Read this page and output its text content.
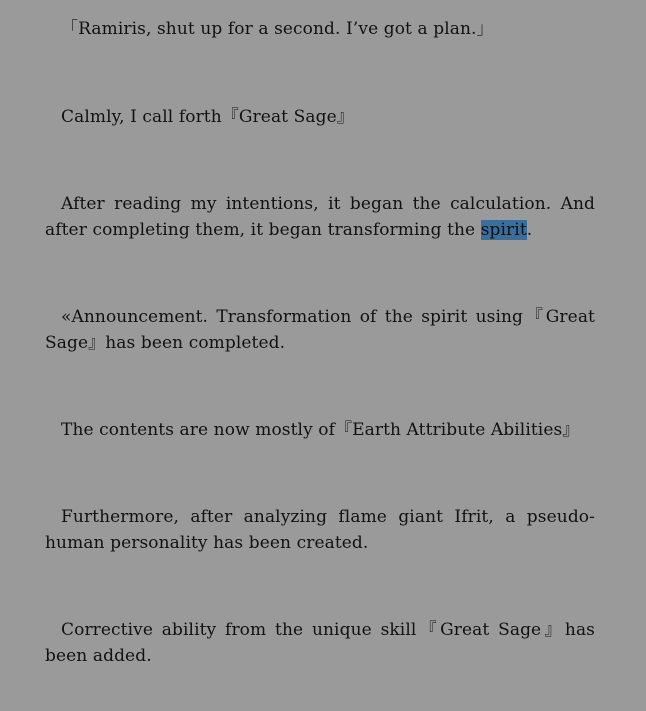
「Ramiris, shut up for a second. I’ve got a plan.」

Calmly, I call forth『Great Sage』

After reading my intentions, it began the calculation. And after completing them, it began transforming the spirit.

«Announcement. Transformation of the spirit using『Great Sage』has been completed.

The contents are now mostly of『Earth Attribute Abilities』

Furthermore, after analyzing flame giant Ifrit, a pseudo-human personality has been created.

Corrective ability from the unique skill『Great Sage』has been added.
